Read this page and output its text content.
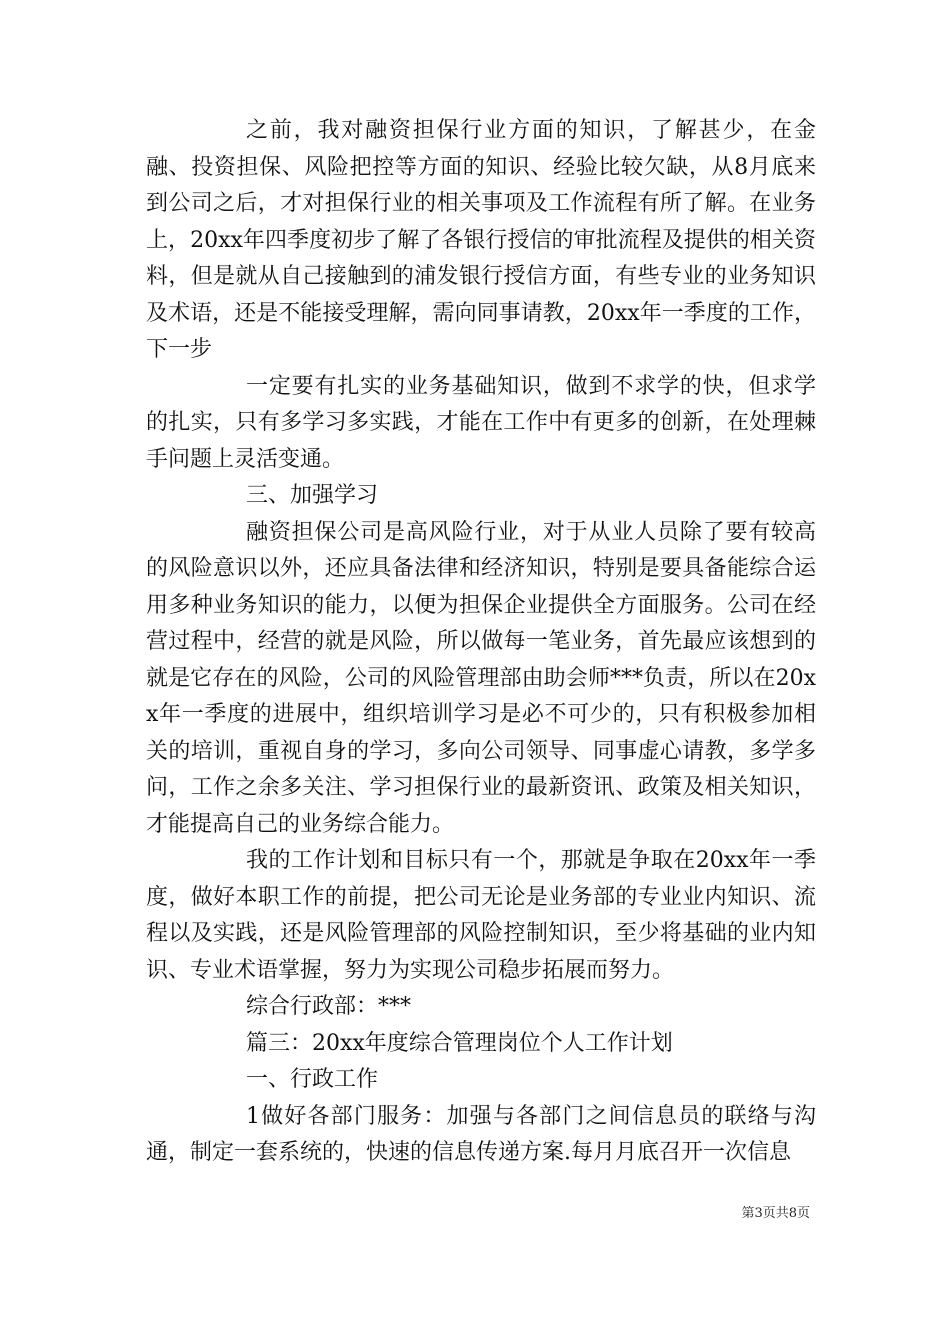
之前，我对融资担保行业方面的知识，了解甚少，在金融、投资担保、风险把控等方面的知识、经验比较欠缺，从8月底来到公司之后，才对担保行业的相关事项及工作流程有所了解。在业务上，20xx年四季度初步了解了各银行授信的审批流程及提供的相关资料，但是就从自己接触到的浦发银行授信方面，有些专业的业务知识及术语，还是不能接受理解，需向同事请教，20xx年一季度的工作，下一步

一定要有扎实的业务基础知识，做到不求学的快，但求学的扎实，只有多学习多实践，才能在工作中有更多的创新，在处理棘手问题上灵活变通。

三、加强学习

融资担保公司是高风险行业，对于从业人员除了要有较高的风险意识以外，还应具备法律和经济知识，特别是要具备能综合运用多种业务知识的能力，以便为担保企业提供全方面服务。公司在经营过程中，经营的就是风险，所以做每一笔业务，首先最应该想到的就是它存在的风险，公司的风险管理部由助会师***负责，所以在20xx年一季度的进展中，组织培训学习是必不可少的，只有积极参加相关的培训，重视自身的学习，多向公司领导、同事虚心请教，多学多问，工作之余多关注、学习担保行业的最新资讯、政策及相关知识，才能提高自己的业务综合能力。

我的工作计划和目标只有一个，那就是争取在20xx年一季度，做好本职工作的前提，把公司无论是业务部的专业业内知识、流程以及实践，还是风险管理部的风险控制知识，至少将基础的业内知识、专业术语掌握，努力为实现公司稳步拓展而努力。

综合行政部：***

篇三：20xx年度综合管理岗位个人工作计划

一、行政工作

1做好各部门服务：加强与各部门之间信息员的联络与沟通，制定一套系统的，快速的信息传递方案.每月月底召开一次信息

第3页共8页
